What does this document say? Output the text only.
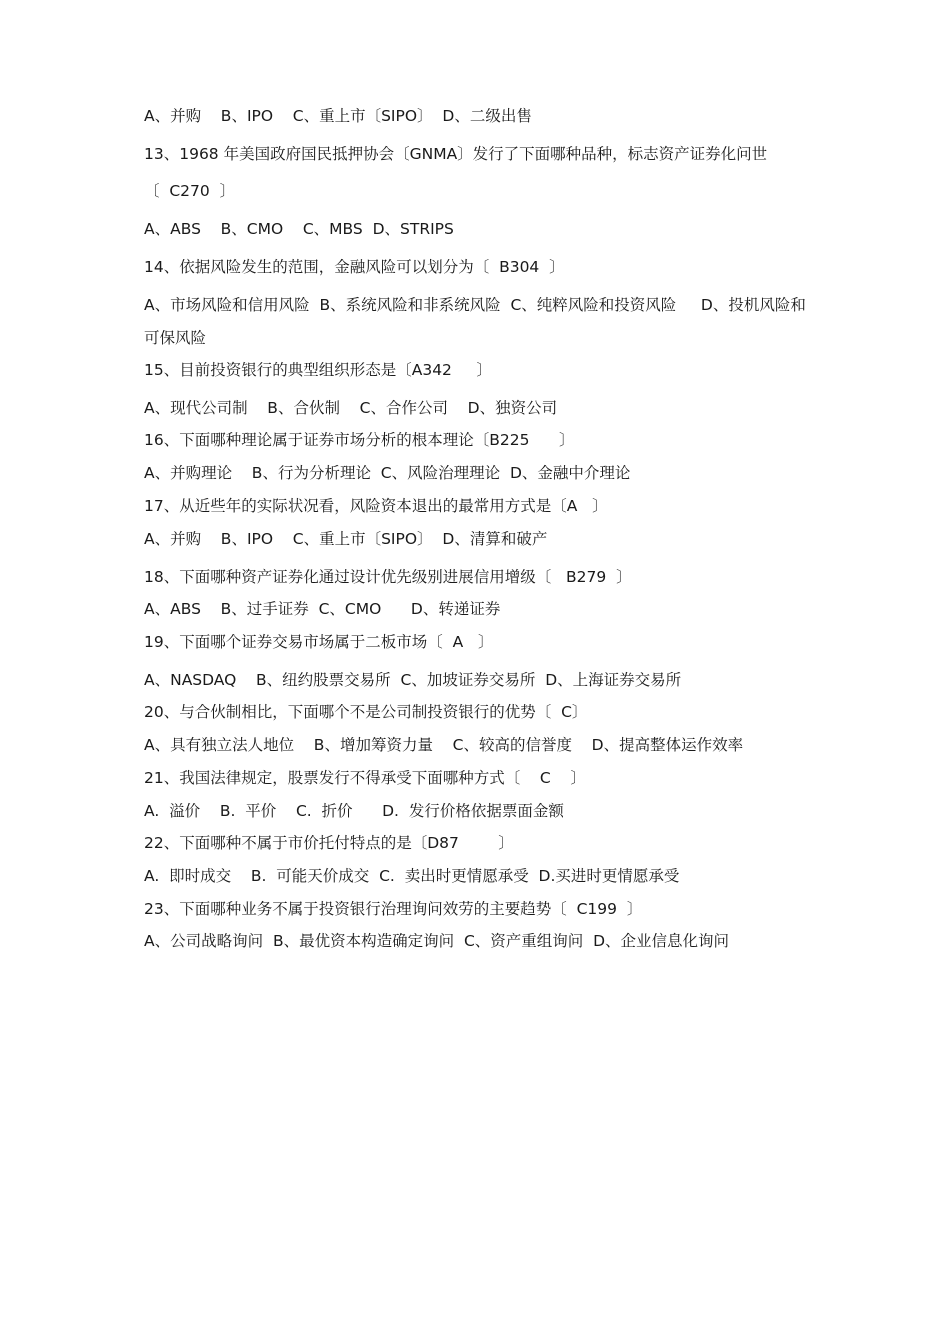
A、并购    B、IPO    C、重上市〔SIPO〕  D、二级出售
13、1968 年美国政府国民抵押协会〔GNMA〕发行了下面哪种品种，标志资产证券化问世
〔  C270  〕
A、ABS    B、CMO    C、MBS  D、STRIPS
14、依据风险发生的范围，金融风险可以划分为〔  B304  〕
A、市场风险和信用风险  B、系统风险和非系统风险  C、纯粹风险和投资风险     D、投机风险和可保风险
15、目前投资银行的典型组织形态是〔A342     〕
A、现代公司制    B、合伙制    C、合作公司    D、独资公司
16、下面哪种理论属于证券市场分析的根本理论〔B225      〕
A、并购理论    B、行为分析理论  C、风险治理理论  D、金融中介理论
17、从近些年的实际状况看，风险资本退出的最常用方式是〔A   〕
A、并购    B、IPO    C、重上市〔SIPO〕  D、清算和破产
18、下面哪种资产证券化通过设计优先级别进展信用增级〔   B279  〕
A、ABS    B、过手证券  C、CMO      D、转递证券
19、下面哪个证券交易市场属于二板市场〔  A   〕
A、NASDAQ    B、纽约股票交易所  C、加坡证券交易所  D、上海证券交易所
20、与合伙制相比，下面哪个不是公司制投资银行的优势〔  C〕
A、具有独立法人地位    B、增加筹资力量    C、较高的信誉度    D、提高整体运作效率
21、我国法律规定，股票发行不得承受下面哪种方式〔    C    〕
A.  溢价    B.  平价    C.  折价      D.  发行价格依据票面金额
22、下面哪种不属于市价托付特点的是〔D87        〕
A.  即时成交    B.  可能天价成交  C.  卖出时更情愿承受  D.买进时更情愿承受
23、下面哪种业务不属于投资银行治理询问效劳的主要趋势〔  C199  〕
A、公司战略询问  B、最优资本构造确定询问  C、资产重组询问  D、企业信息化询问
